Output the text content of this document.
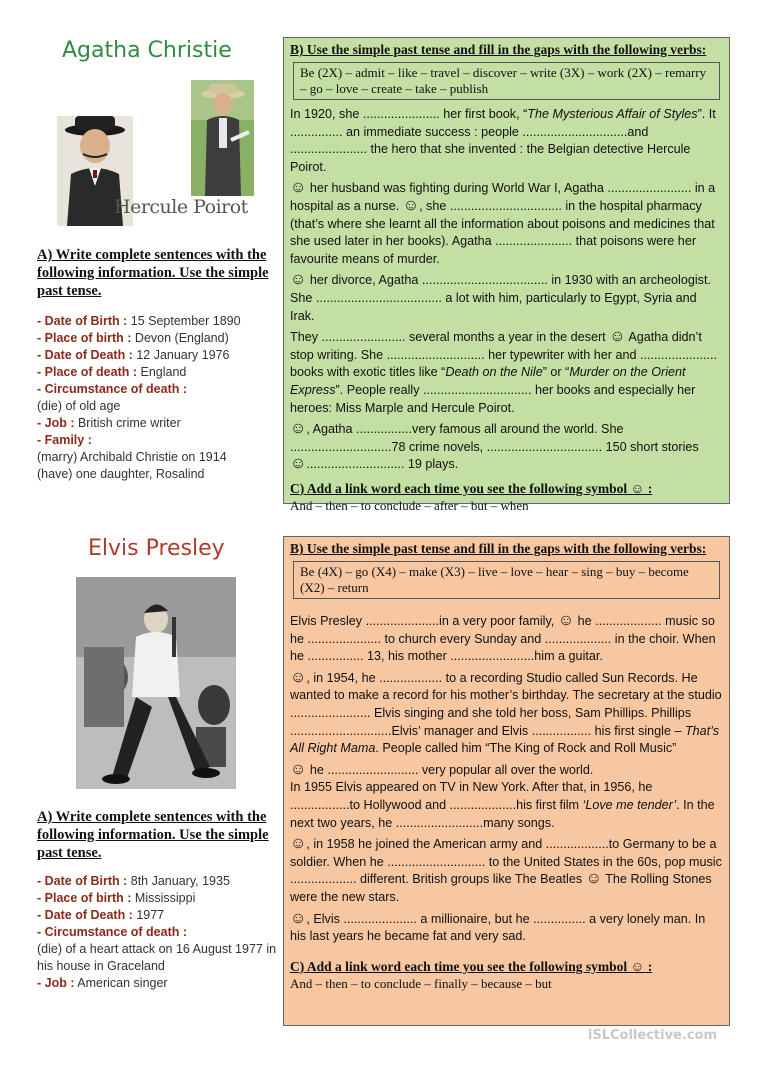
Agatha Christie
Hercule Poirot
A) Write complete sentences with the following information. Use the simple past tense.
- Date of Birth : 15 September 1890
- Place of birth : Devon (England)
- Date of Death : 12 January 1976
- Place of death : England
- Circumstance of death :
(die) of old age
- Job : British crime writer
- Family :
(marry) Archibald Christie on 1914
(have) one daughter, Rosalind

B) Use the simple past tense and fill in the gaps with the following verbs:

Be (2X) – admit – like – travel – discover – write (3X) – work (2X) – remarry – go – love – create – take – publish

In 1920, she ...................... her first book, “The Mysterious Affair of Styles”. It ............... an immediate success : people ..............................and ...................... the hero that she invented : the Belgian detective Hercule Poirot.

☺ her husband was fighting during World War I, Agatha ........................ in a hospital as a nurse. ☺, she ................................ in the hospital pharmacy (that’s where she learnt all the information about poisons and medicines that she used later in her books). Agatha ...................... that poisons were her favourite means of murder.

☺ her divorce, Agatha .................................... in 1930 with an archeologist. She .................................... a lot with him, particularly to Egypt, Syria and Irak.

They ........................ several months a year in the desert ☺ Agatha didn’t stop writing. She ............................ her typewriter with her and ...................... books with exotic titles like “Death on the Nile” or “Murder on the Orient Express”. People really ............................... her books and especially her heroes: Miss Marple and Hercule Poirot.

☺, Agatha ................very famous all around the world. She .............................78 crime novels, ................................. 150 short stories
☺............................ 19 plays.

C) Add a link word each time you see the following symbol ☺ :
And – then – to conclude – after – but – when
Elvis Presley
A) Write complete sentences with the following information. Use the simple past tense.
- Date of Birth : 8th January, 1935
- Place of birth : Mississippi
- Date of Death : 1977
- Circumstance of death :
(die) of a heart attack on 16 August 1977 in his house in Graceland
- Job : American singer

B) Use the simple past tense and fill in the gaps with the following verbs:

Be (4X) – go (X4) – make (X3) – live – love – hear – sing – buy – become (X2) – return

Elvis Presley .....................in a very poor family, ☺ he ................... music so he ..................... to church every Sunday and ................... in the choir. When he ................ 13, his mother ........................him a guitar.

☺, in 1954, he .................. to a recording Studio called Sun Records. He wanted to make a record for his mother’s birthday. The secretary at the studio ....................... Elvis singing and she told her boss, Sam Phillips. Phillips .............................Elvis’ manager and Elvis ................. his first single – That’s All Right Mama. People called him “The King of Rock and Roll Music”

☺ he .......................... very popular all over the world.

In 1955 Elvis appeared on TV in New York. After that, in 1956, he .................to Hollywood and ...................his first film ‘Love me tender’. In the next two years, he .........................many songs.

☺, in 1958 he joined the American army and ..................to Germany to be a soldier. When he ............................ to the United States in the 60s, pop music ................... different. British groups like The Beatles ☺ The Rolling Stones were the new stars.

☺, Elvis ..................... a millionaire, but he ............... a very lonely man. In his last years he became fat and very sad.

C) Add a link word each time you see the following symbol ☺ :
And – then – to conclude – finally – because – but
iSLCollective.com
